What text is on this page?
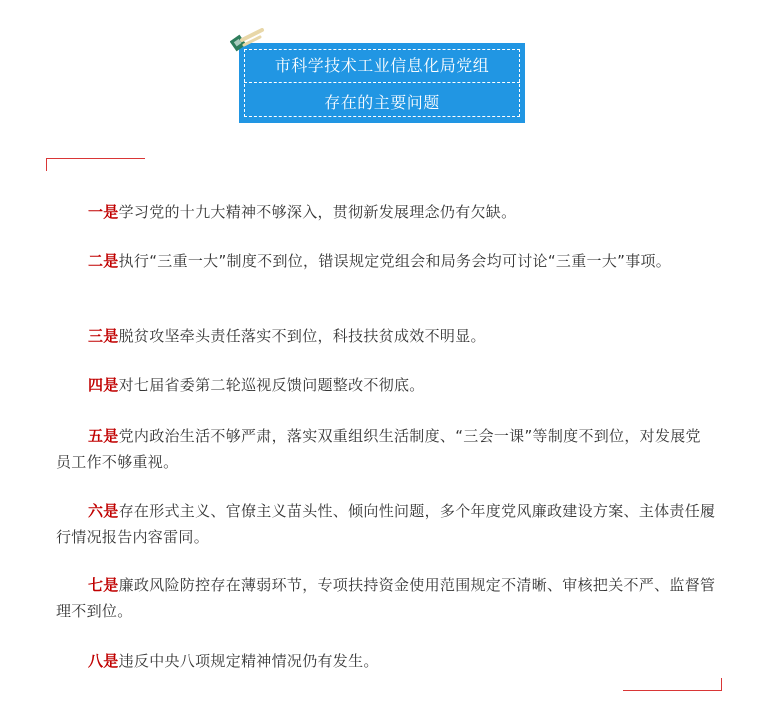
市科学技术工业信息化局党组
存在的主要问题

一是学习党的十九大精神不够深入，贯彻新发展理念仍有欠缺。

二是执行“三重一大”制度不到位，错误规定党组会和局务会均可讨论“三重一大”事项。

三是脱贫攻坚牵头责任落实不到位，科技扶贫成效不明显。

四是对七届省委第二轮巡视反馈问题整改不彻底。

五是党内政治生活不够严肃，落实双重组织生活制度、“三会一课”等制度不到位，对发展党员工作不够重视。

六是存在形式主义、官僚主义苗头性、倾向性问题，多个年度党风廉政建设方案、主体责任履行情况报告内容雷同。

七是廉政风险防控存在薄弱环节，专项扶持资金使用范围规定不清晰、审核把关不严、监督管理不到位。

八是违反中央八项规定精神情况仍有发生。
